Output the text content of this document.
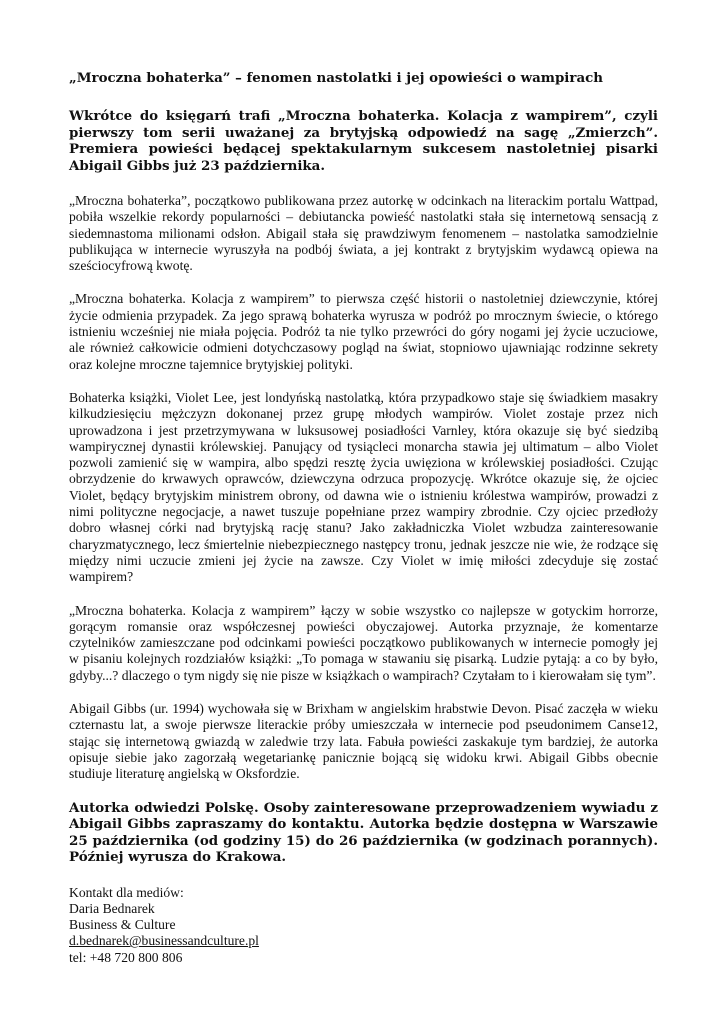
„Mroczna bohaterka” – fenomen nastolatki i jej opowieści o wampirach

Wkrótce do księgarń trafi „Mroczna bohaterka. Kolacja z wampirem”, czyli pierwszy tom serii uważanej za brytyjską odpowiedź na sagę „Zmierzch”. Premiera powieści będącej spektakularnym sukcesem nastoletniej pisarki Abigail Gibbs już 23 października.

„Mroczna bohaterka”, początkowo publikowana przez autorkę w odcinkach na literackim portalu Wattpad, pobiła wszelkie rekordy popularności – debiutancka powieść nastolatki stała się internetową sensacją z siedemnastoma milionami odsłon. Abigail stała się prawdziwym fenomenem – nastolatka samodzielnie publikująca w internecie wyruszyła na podbój świata, a jej kontrakt z brytyjskim wydawcą opiewa na sześciocyfrową kwotę.

„Mroczna bohaterka. Kolacja z wampirem” to pierwsza część historii o nastoletniej dziewczynie, której życie odmienia przypadek. Za jego sprawą bohaterka wyrusza w podróż po mrocznym świecie, o którego istnieniu wcześniej nie miała pojęcia. Podróż ta nie tylko przewróci do góry nogami jej życie uczuciowe, ale również całkowicie odmieni dotychczasowy pogląd na świat, stopniowo ujawniając rodzinne sekrety oraz kolejne mroczne tajemnice brytyjskiej polityki.

Bohaterka książki, Violet Lee, jest londyńską nastolatką, która przypadkowo staje się świadkiem masakry kilkudziesięciu mężczyzn dokonanej przez grupę młodych wampirów. Violet zostaje przez nich uprowadzona i jest przetrzymywana w luksusowej posiadłości Varnley, która okazuje się być siedzibą wampirycznej dynastii królewskiej. Panujący od tysiącleci monarcha stawia jej ultimatum – albo Violet pozwoli zamienić się w wampira, albo spędzi resztę życia uwięziona w królewskiej posiadłości. Czując obrzydzenie do krwawych oprawców, dziewczyna odrzuca propozycję. Wkrótce okazuje się, że ojciec Violet, będący brytyjskim ministrem obrony, od dawna wie o istnieniu królestwa wampirów, prowadzi z nimi polityczne negocjacje, a nawet tuszuje popełniane przez wampiry zbrodnie. Czy ojciec przedłoży dobro własnej córki nad brytyjską rację stanu? Jako zakładniczka Violet wzbudza zainteresowanie charyzmatycznego, lecz śmiertelnie niebezpiecznego następcy tronu, jednak jeszcze nie wie, że rodzące się między nimi uczucie zmieni jej życie na zawsze. Czy Violet w imię miłości zdecyduje się zostać wampirem?

„Mroczna bohaterka. Kolacja z wampirem” łączy w sobie wszystko co najlepsze w gotyckim horrorze, gorącym romansie oraz współczesnej powieści obyczajowej. Autorka przyznaje, że komentarze czytelników zamieszczane pod odcinkami powieści początkowo publikowanych w internecie pomogły jej w pisaniu kolejnych rozdziałów książki: „To pomaga w stawaniu się pisarką. Ludzie pytają: a co by było, gdyby...? dlaczego o tym nigdy się nie pisze w książkach o wampirach? Czytałam to i kierowałam się tym”.

Abigail Gibbs (ur. 1994) wychowała się w Brixham w angielskim hrabstwie Devon. Pisać zaczęła w wieku czternastu lat, a swoje pierwsze literackie próby umieszczała w internecie pod pseudonimem Canse12, stając się internetową gwiazdą w zaledwie trzy lata. Fabuła powieści zaskakuje tym bardziej, że autorka opisuje siebie jako zagorzałą wegetariankę panicznie bojącą się widoku krwi. Abigail Gibbs obecnie studiuje literaturę angielską w Oksfordzie.

Autorka odwiedzi Polskę. Osoby zainteresowane przeprowadzeniem wywiadu z Abigail Gibbs zapraszamy do kontaktu. Autorka będzie dostępna w Warszawie 25 października (od godziny 15) do 26 października (w godzinach porannych). Później wyrusza do Krakowa.

Kontakt dla mediów:
Daria Bednarek
Business & Culture
d.bednarek@businessandculture.pl
tel: +48 720 800 806
